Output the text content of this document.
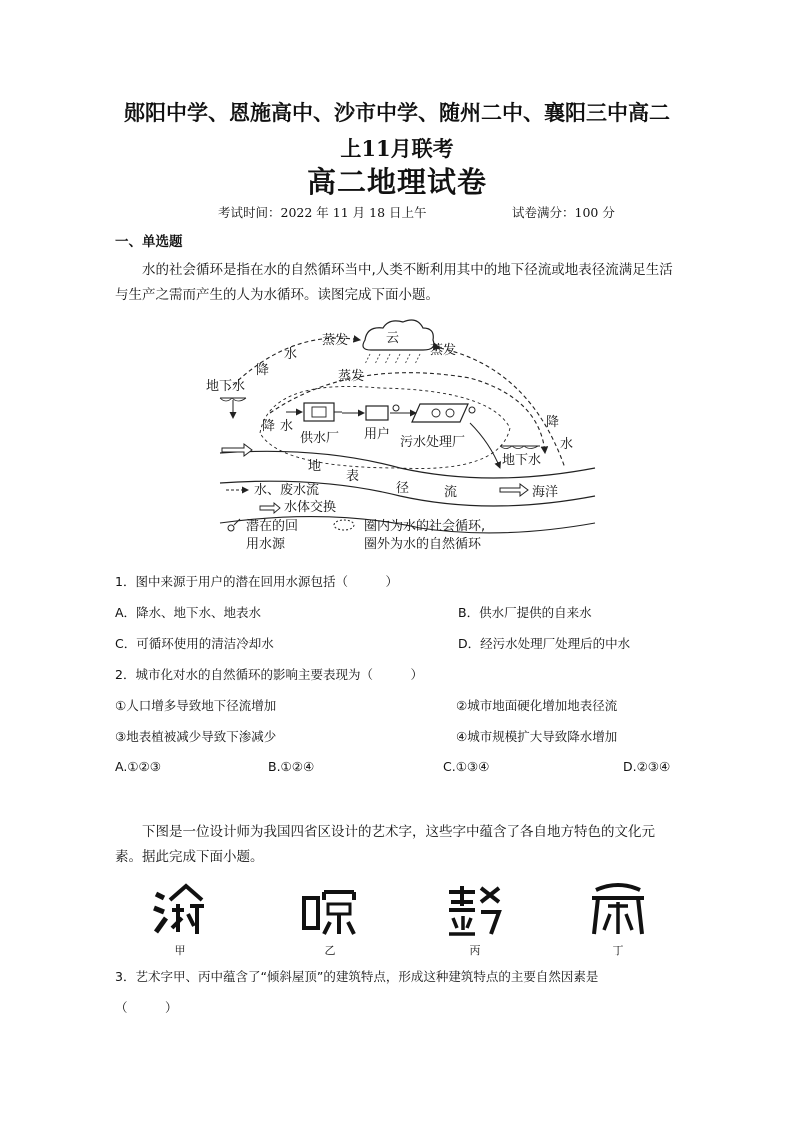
郧阳中学、恩施高中、沙市中学、随州二中、襄阳三中高二
上11月联考
高二地理试卷
考试时间：2022 年 11 月 18 日上午	试卷满分：100 分
一、单选题
水的社会循环是指在水的自然循环当中,人类不断利用其中的地下径流或地表径流满足生活与生产之需而产生的人为水循环。读图完成下面小题。
云
蒸发
蒸发
蒸发
降
水
地下水
降 水
供水厂 用户
污水处理厂
降
水
地下水
地
表
径	流	海洋
水、废水流
水体交换
潜在的回
用水源
圈内为水的社会循环,
圈外为水的自然循环
1．图中来源于用户的潜在回用水源包括（　　　）
A．降水、地下水、地表水	B．供水厂提供的自来水
C．可循环使用的清洁冷却水	D．经污水处理厂处理后的中水
2．城市化对水的自然循环的影响主要表现为（　　　）
①人口增多导致地下径流增加	②城市地面硬化增加地表径流
③地表植被减少导致下渗减少	④城市规模扩大导致降水增加
A.①②③	B.①②④	C.①③④	D.②③④
下图是一位设计师为我国四省区设计的艺术字，这些字中蕴含了各自地方特色的文化元素。据此完成下面小题。
甲	乙	丙	丁
3．艺术字甲、丙中蕴含了“倾斜屋顶”的建筑特点，形成这种建筑特点的主要自然因素是
（　　　）
